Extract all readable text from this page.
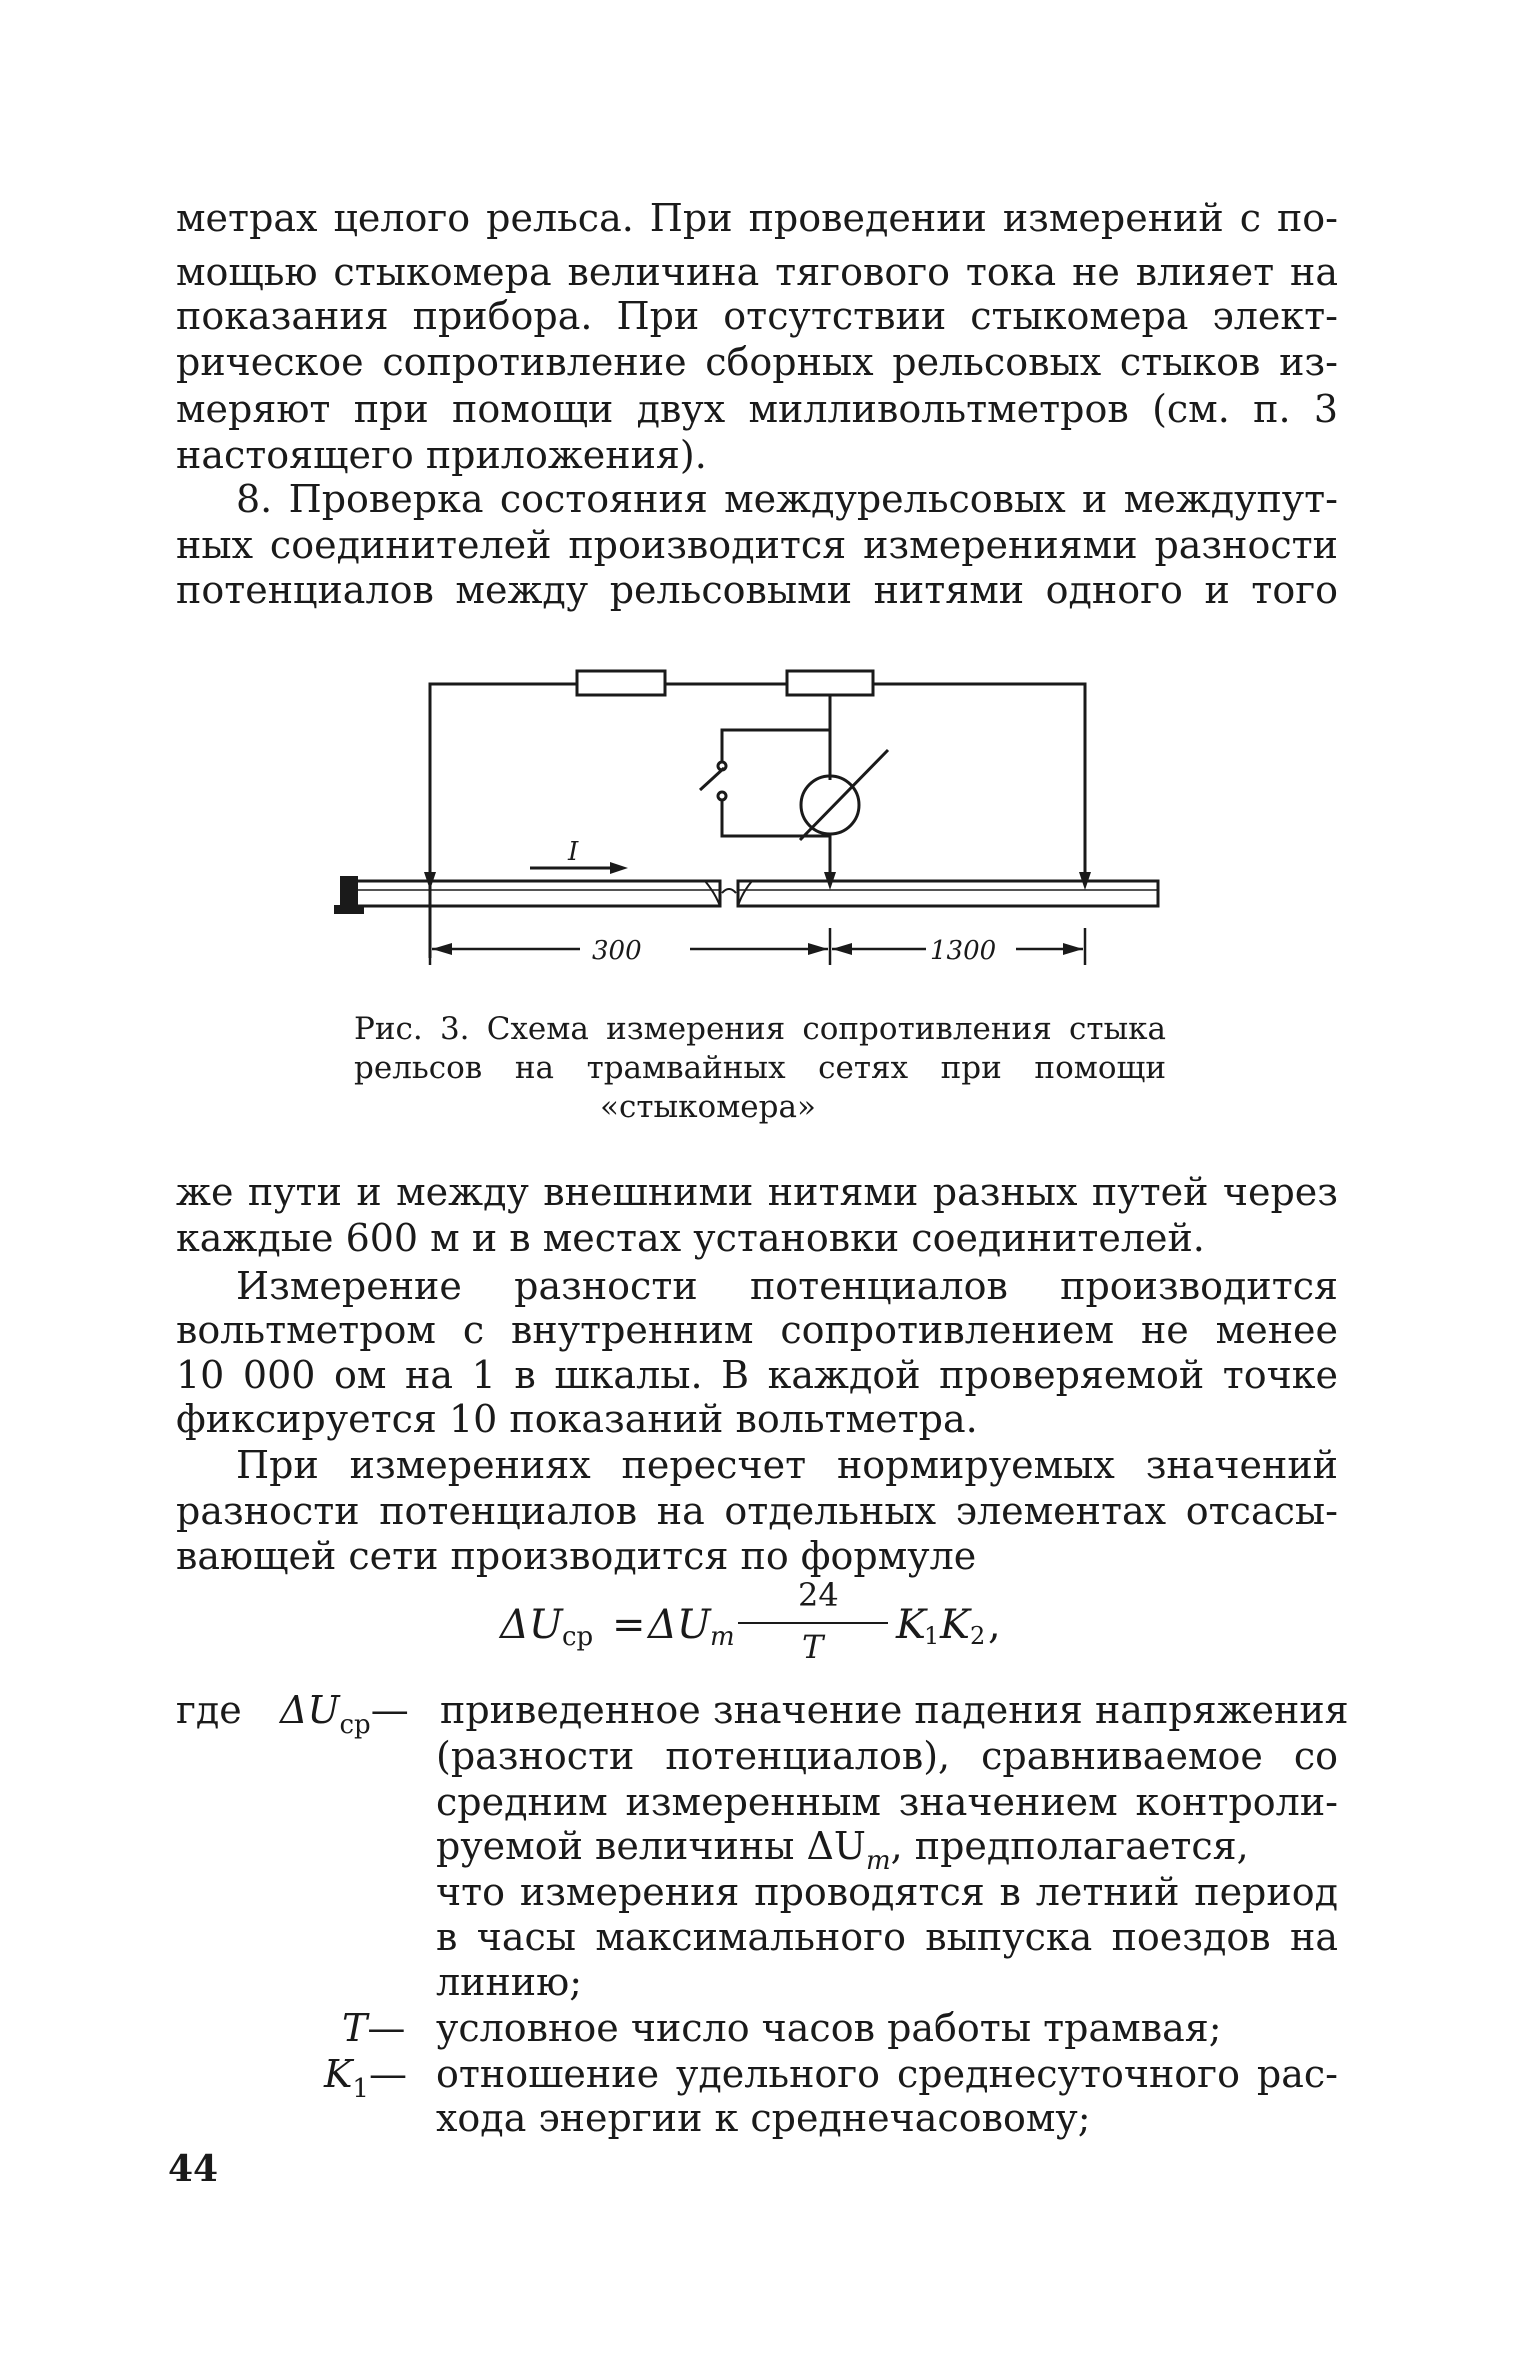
метрах целого рельса. При проведении измерений с по-
мощью стыкомера величина тягового тока не влияет на
показания прибора. При отсутствии стыкомера элект-
рическое сопротивление сборных рельсовых стыков из-
меряют при помощи двух милливольтметров (см. п. 3
настоящего приложения).
8. Проверка состояния междурельсовых и междупут-
ных соединителей производится измерениями разности
потенциалов между рельсовыми нитями одного и того
I
300	1300
Рис. 3. Схема измерения сопротивления стыка
рельсов на трамвайных сетях при помощи
«стыкомера»
же пути и между внешними нитями разных путей через
каждые 600 м и в местах установки соединителей.
Измерение разности потенциалов производится
вольтметром с внутренним сопротивлением не менее
10 000 ом на 1 в шкалы. В каждой проверяемой точке
фиксируется 10 показаний вольтметра.
При измерениях пересчет нормируемых значений
разности потенциалов на отдельных элементах отсасы-
вающей сети производится по формуле
ΔU ср = ΔU m
24
T K
1 K 2 ,
где $\Delta U_{ср}—$ приведенное значение падения напряжения
(разности потенциалов), сравниваемое со
средним измеренным значением контроли-
руемой величины $\Delta U_m$, предполагается,
что измерения проводятся в летний период
в часы максимального выпуска поездов на
линию;
T— условное число часов работы трамвая;
$K_1—$ отношение удельного среднесуточного рас-
хода энергии к среднечасовому;
44
